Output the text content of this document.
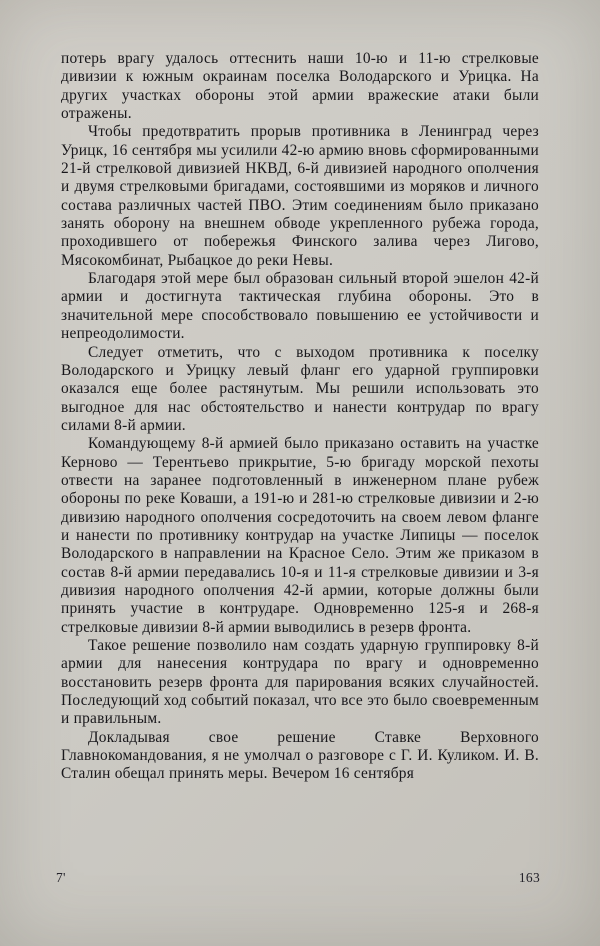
потерь врагу удалось оттеснить наши 10-ю и 11-ю стрелковые дивизии к южным окраинам поселка Володарского и Урицка. На других участках обороны этой армии вражеские атаки были отражены.

Чтобы предотвратить прорыв противника в Ленинград через Урицк, 16 сентября мы усилили 42-ю армию вновь сформированными 21-й стрелковой дивизией НКВД, 6-й дивизией народного ополчения и двумя стрелковыми бригадами, состоявшими из моряков и личного состава различных частей ПВО. Этим соединениям было приказано занять оборону на внешнем обводе укрепленного рубежа города, проходившего от побережья Финского залива через Лигово, Мясокомбинат, Рыбацкое до реки Невы.

Благодаря этой мере был образован сильный второй эшелон 42-й армии и достигнута тактическая глубина обороны. Это в значительной мере способствовало повышению ее устойчивости и непреодолимости.

Следует отметить, что с выходом противника к поселку Володарского и Урицку левый фланг его ударной группировки оказался еще более растянутым. Мы решили использовать это выгодное для нас обстоятельство и нанести контрудар по врагу силами 8-й армии.

Командующему 8-й армией было приказано оставить на участке Керново — Терентьево прикрытие, 5-ю бригаду морской пехоты отвести на заранее подготовленный в инженерном плане рубеж обороны по реке Коваши, а 191-ю и 281-ю стрелковые дивизии и 2-ю дивизию народного ополчения сосредоточить на своем левом фланге и нанести по противнику контрудар на участке Липицы — поселок Володарского в направлении на Красное Село. Этим же приказом в состав 8-й армии передавались 10-я и 11-я стрелковые дивизии и 3-я дивизия народного ополчения 42-й армии, которые должны были принять участие в контрударе. Одновременно 125-я и 268-я стрелковые дивизии 8-й армии выводились в резерв фронта.

Такое решение позволило нам создать ударную группировку 8-й армии для нанесения контрудара по врагу и одновременно восстановить резерв фронта для парирования всяких случайностей. Последующий ход событий показал, что все это было своевременным и правильным.

Докладывая свое решение Ставке Верховного Главнокомандования, я не умолчал о разговоре с Г. И. Куликом. И. В. Сталин обещал принять меры. Вечером 16 сентября

7'	163
